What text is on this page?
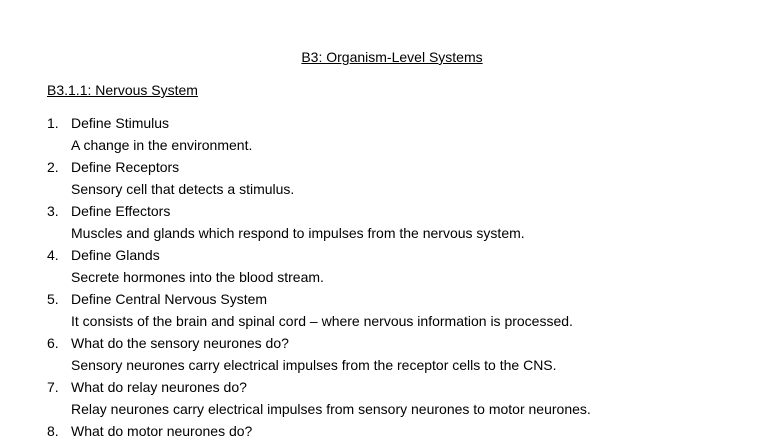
B3: Organism-Level Systems
B3.1.1: Nervous System
1. Define Stimulus
A change in the environment.
2. Define Receptors
Sensory cell that detects a stimulus.
3. Define Effectors
Muscles and glands which respond to impulses from the nervous system.
4. Define Glands
Secrete hormones into the blood stream.
5. Define Central Nervous System
It consists of the brain and spinal cord – where nervous information is processed.
6. What do the sensory neurones do?
Sensory neurones carry electrical impulses from the receptor cells to the CNS.
7. What do relay neurones do?
Relay neurones carry electrical impulses from sensory neurones to motor neurones.
8. What do motor neurones do?
